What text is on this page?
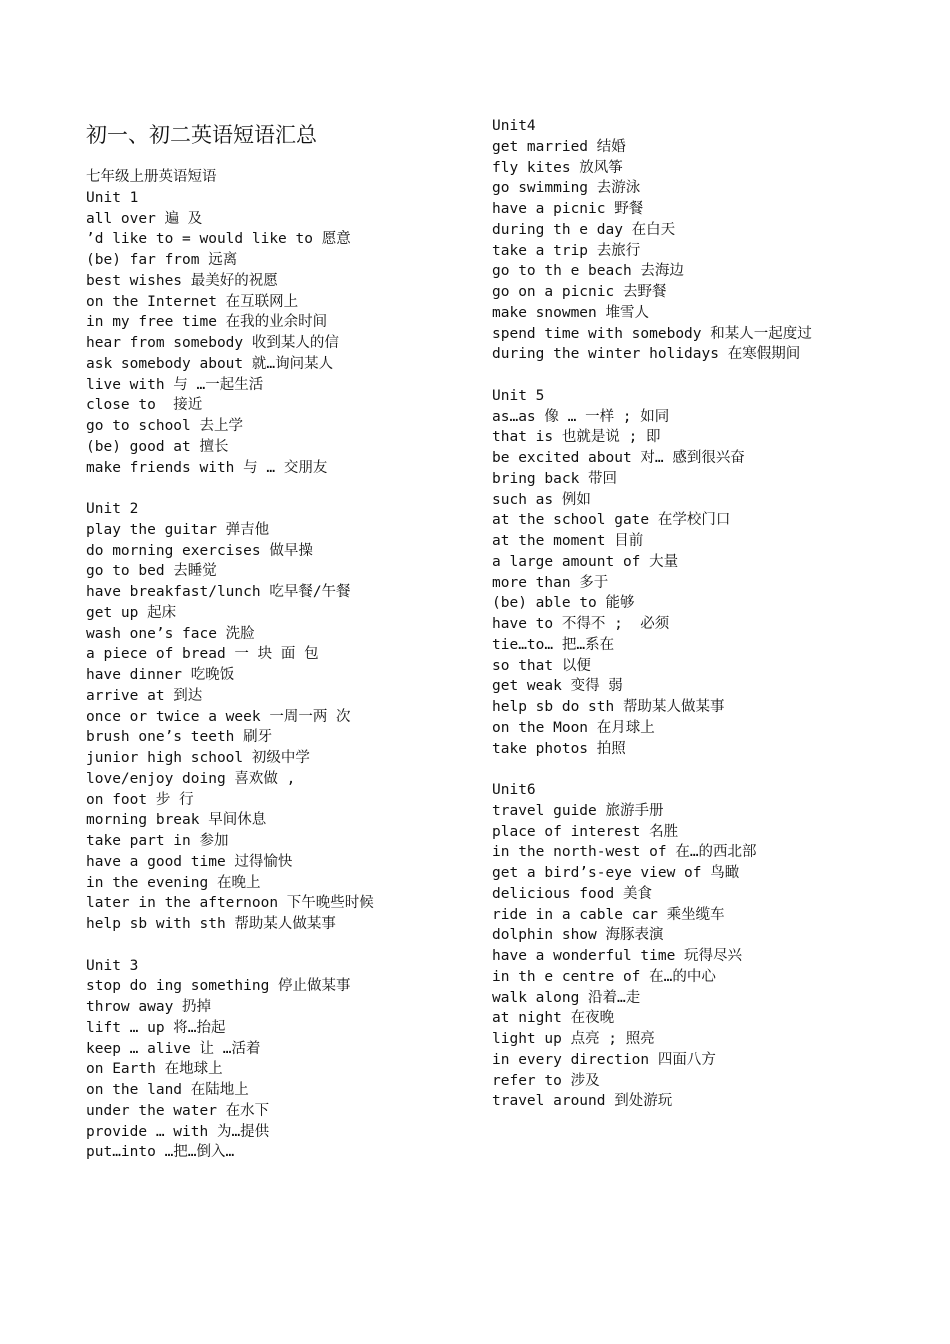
初一、初二英语短语汇总
七年级上册英语短语
Unit 1
all over 遍 及
’d like to = would like to 愿意
(be) far from 远离
best wishes 最美好的祝愿
on the Internet 在互联网上
in my free time 在我的业余时间
hear from somebody 收到某人的信
ask somebody about 就…询问某人
live with 与 …一起生活
close to  接近
go to school 去上学
(be) good at 擅长
make friends with 与 … 交朋友
Unit 2
play the guitar 弹吉他
do morning exercises 做早操
go to bed 去睡觉
have breakfast/lunch 吃早餐/午餐
get up 起床
wash one’s face 洗脸
a piece of bread 一 块 面 包
have dinner 吃晚饭
arrive at 到达
once or twice a week 一周一两 次
brush one’s teeth 刷牙
junior high school 初级中学
love/enjoy doing 喜欢做 ,
on foot 步 行
morning break 早间休息
take part in 参加
have a good time 过得愉快
in the evening 在晚上
later in the afternoon 下午晚些时候
help sb with sth 帮助某人做某事
Unit 3
stop do ing something 停止做某事
throw away 扔掉
lift … up 将…抬起
keep … alive 让 …活着
on Earth 在地球上
on the land 在陆地上
under the water 在水下
provide … with 为…提供
put…into …把…倒入…
Unit4
get married 结婚
fly kites 放风筝
go swimming 去游泳
have a picnic 野餐
during th e day 在白天
take a trip 去旅行
go to th e beach 去海边
go on a picnic 去野餐
make snowmen 堆雪人
spend time with somebody 和某人一起度过
during the winter holidays 在寒假期间
Unit 5
as…as 像 … 一样 ; 如同
that is 也就是说 ; 即
be excited about 对… 感到很兴奋
bring back 带回
such as 例如
at the school gate 在学校门口
at the moment 目前
a large amount of 大量
more than 多于
(be) able to 能够
have to 不得不 ;  必须
tie…to… 把…系在
so that 以便
get weak 变得 弱
help sb do sth 帮助某人做某事
on the Moon 在月球上
take photos 拍照
Unit6
travel guide 旅游手册
place of interest 名胜
in the north-west of 在…的西北部
get a bird’s-eye view of 鸟瞰
delicious food 美食
ride in a cable car 乘坐缆车
dolphin show 海豚表演
have a wonderful time 玩得尽兴
in th e centre of 在…的中心
walk along 沿着…走
at night 在夜晚
light up 点亮 ; 照亮
in every direction 四面八方
refer to 涉及
travel around 到处游玩
